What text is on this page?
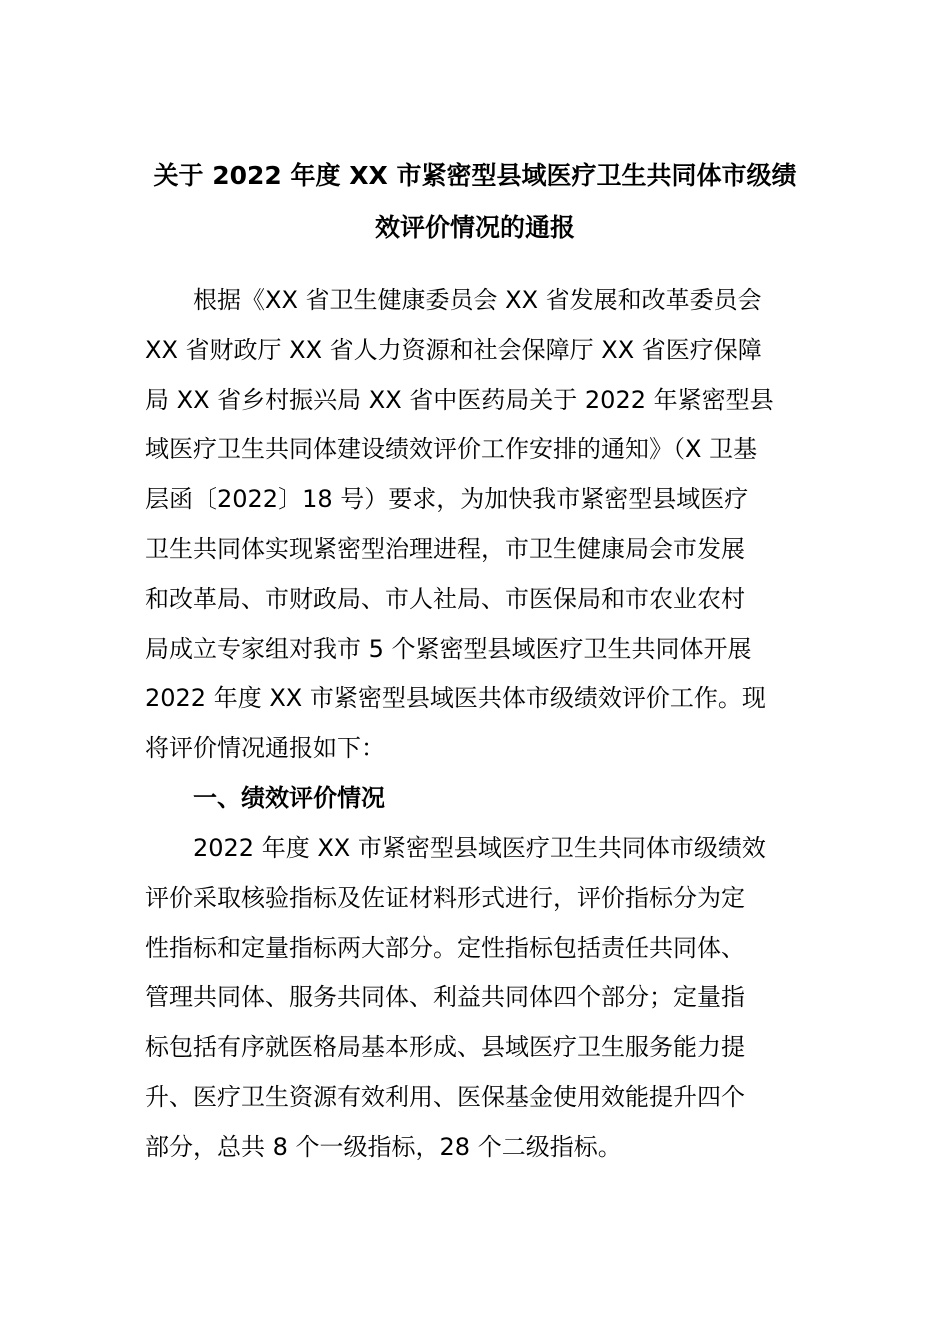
关于 2022 年度 XX 市紧密型县域医疗卫生共同体市级绩
效评价情况的通报

根据《XX 省卫生健康委员会 XX 省发展和改革委员会
XX 省财政厅 XX 省人力资源和社会保障厅 XX 省医疗保障
局 XX 省乡村振兴局 XX 省中医药局关于 2022 年紧密型县
域医疗卫生共同体建设绩效评价工作安排的通知》（X 卫基
层函〔2022〕18 号）要求，为加快我市紧密型县域医疗
卫生共同体实现紧密型治理进程，市卫生健康局会市发展
和改革局、市财政局、市人社局、市医保局和市农业农村
局成立专家组对我市 5 个紧密型县域医疗卫生共同体开展
2022 年度 XX 市紧密型县域医共体市级绩效评价工作。现
将评价情况通报如下：

一、绩效评价情况

2022 年度 XX 市紧密型县域医疗卫生共同体市级绩效
评价采取核验指标及佐证材料形式进行，评价指标分为定
性指标和定量指标两大部分。定性指标包括责任共同体、
管理共同体、服务共同体、利益共同体四个部分；定量指
标包括有序就医格局基本形成、县域医疗卫生服务能力提
升、医疗卫生资源有效利用、医保基金使用效能提升四个
部分，总共 8 个一级指标，28 个二级指标。
